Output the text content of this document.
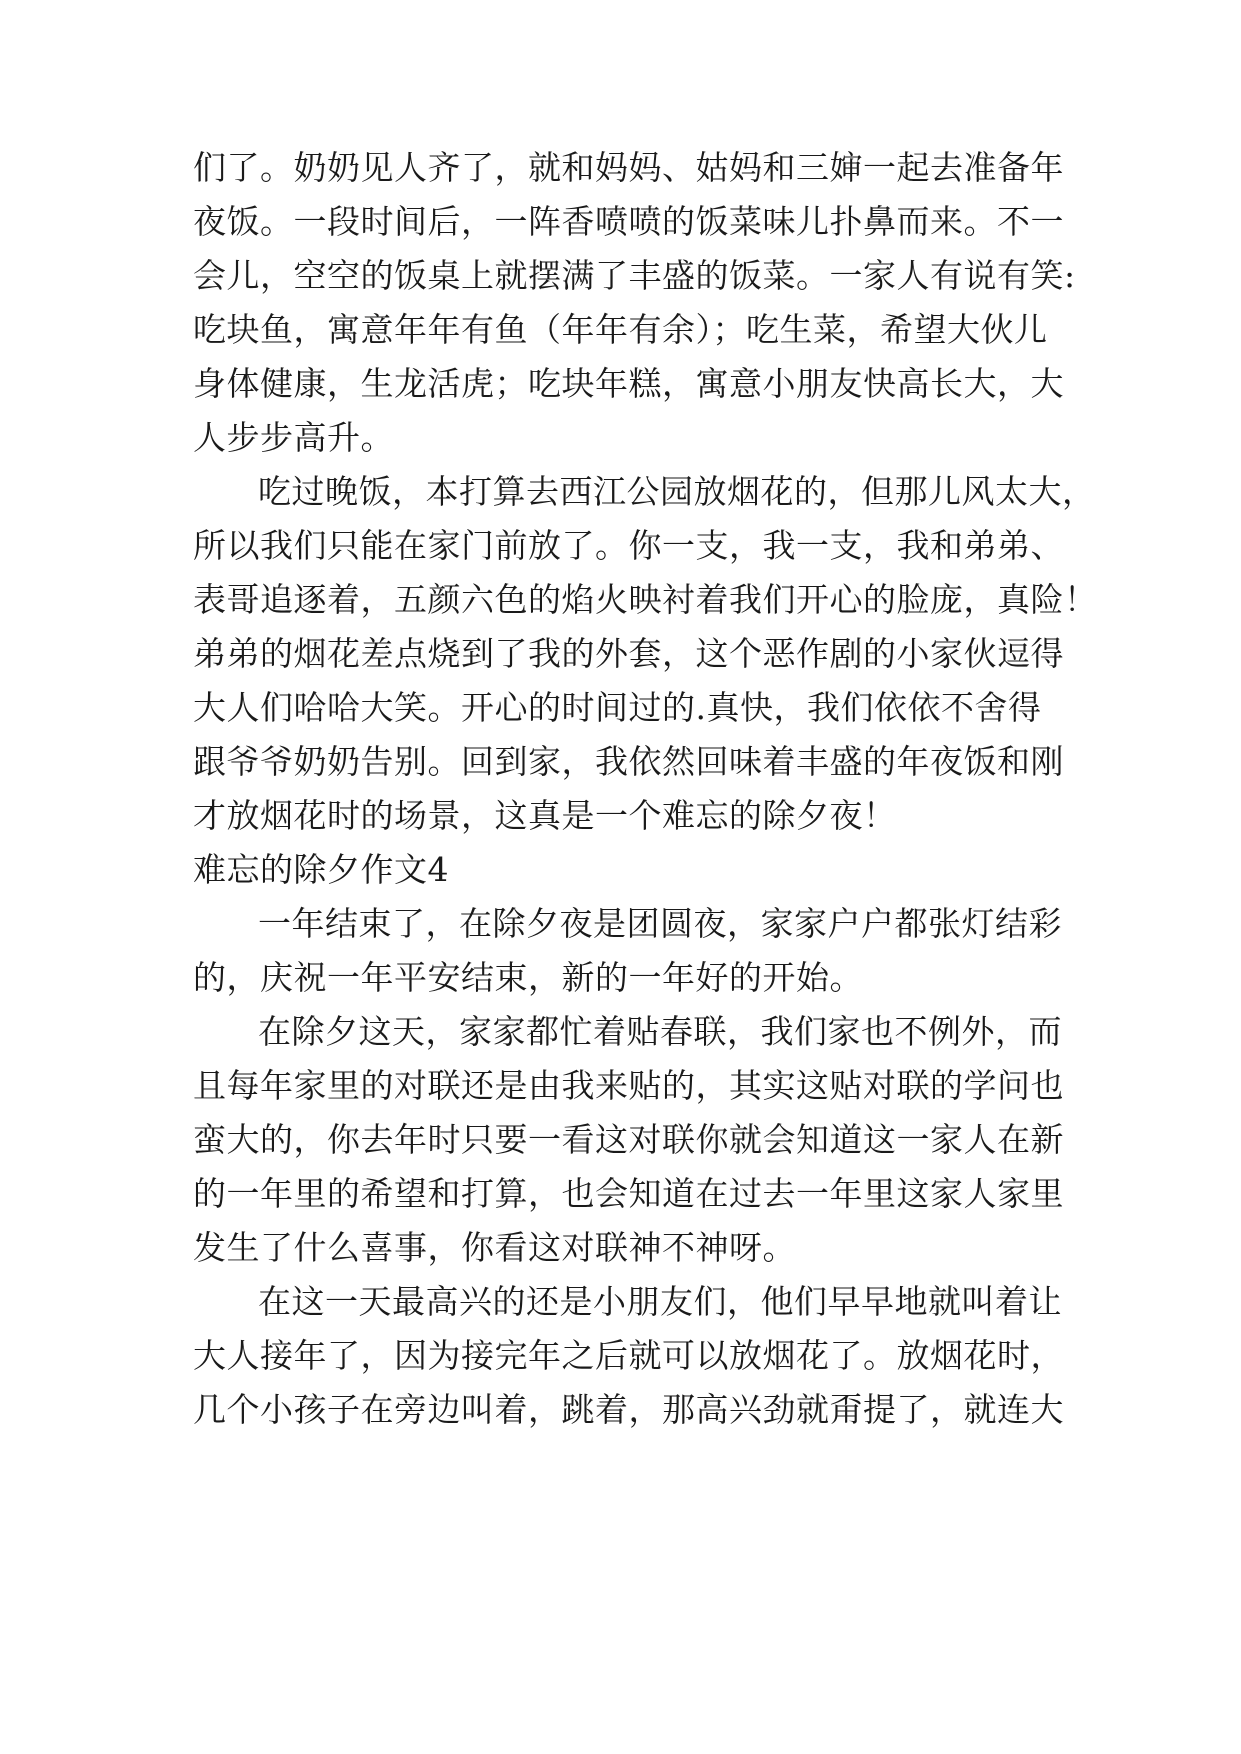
们了。奶奶见人齐了，就和妈妈、姑妈和三婶一起去准备年
夜饭。一段时间后，一阵香喷喷的饭菜味儿扑鼻而来。不一
会儿，空空的饭桌上就摆满了丰盛的饭菜。一家人有说有笑:
吃块鱼，寓意年年有鱼（年年有余）；吃生菜，希望大伙儿
身体健康，生龙活虎；吃块年糕，寓意小朋友快高长大，大
人步步高升。
吃过晚饭，本打算去西江公园放烟花的，但那儿风太大，
所以我们只能在家门前放了。你一支，我一支，我和弟弟、
表哥追逐着，五颜六色的焰火映衬着我们开心的脸庞，真险！
弟弟的烟花差点烧到了我的外套，这个恶作剧的小家伙逗得
大人们哈哈大笑。开心的时间过的.真快，我们依依不舍得
跟爷爷奶奶告别。回到家，我依然回味着丰盛的年夜饭和刚
才放烟花时的场景，这真是一个难忘的除夕夜！
难忘的除夕作文4
一年结束了，在除夕夜是团圆夜，家家户户都张灯结彩
的，庆祝一年平安结束，新的一年好的开始。
在除夕这天，家家都忙着贴春联，我们家也不例外，而
且每年家里的对联还是由我来贴的，其实这贴对联的学问也
蛮大的，你去年时只要一看这对联你就会知道这一家人在新
的一年里的希望和打算，也会知道在过去一年里这家人家里
发生了什么喜事，你看这对联神不神呀。
在这一天最高兴的还是小朋友们，他们早早地就叫着让
大人接年了，因为接完年之后就可以放烟花了。放烟花时，
几个小孩子在旁边叫着，跳着，那高兴劲就甭提了，就连大
